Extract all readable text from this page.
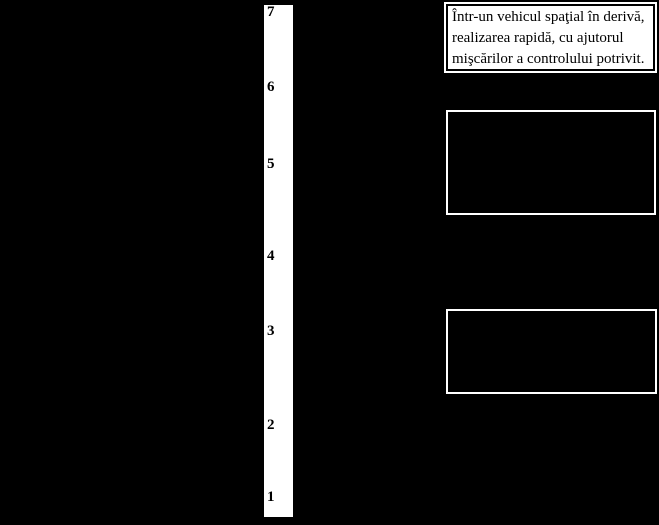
7
6
5
4
3
2
1
Într-un vehicul spaţial în derivă,
realizarea rapidă, cu ajutorul
mişcărilor a controlului potrivit.
